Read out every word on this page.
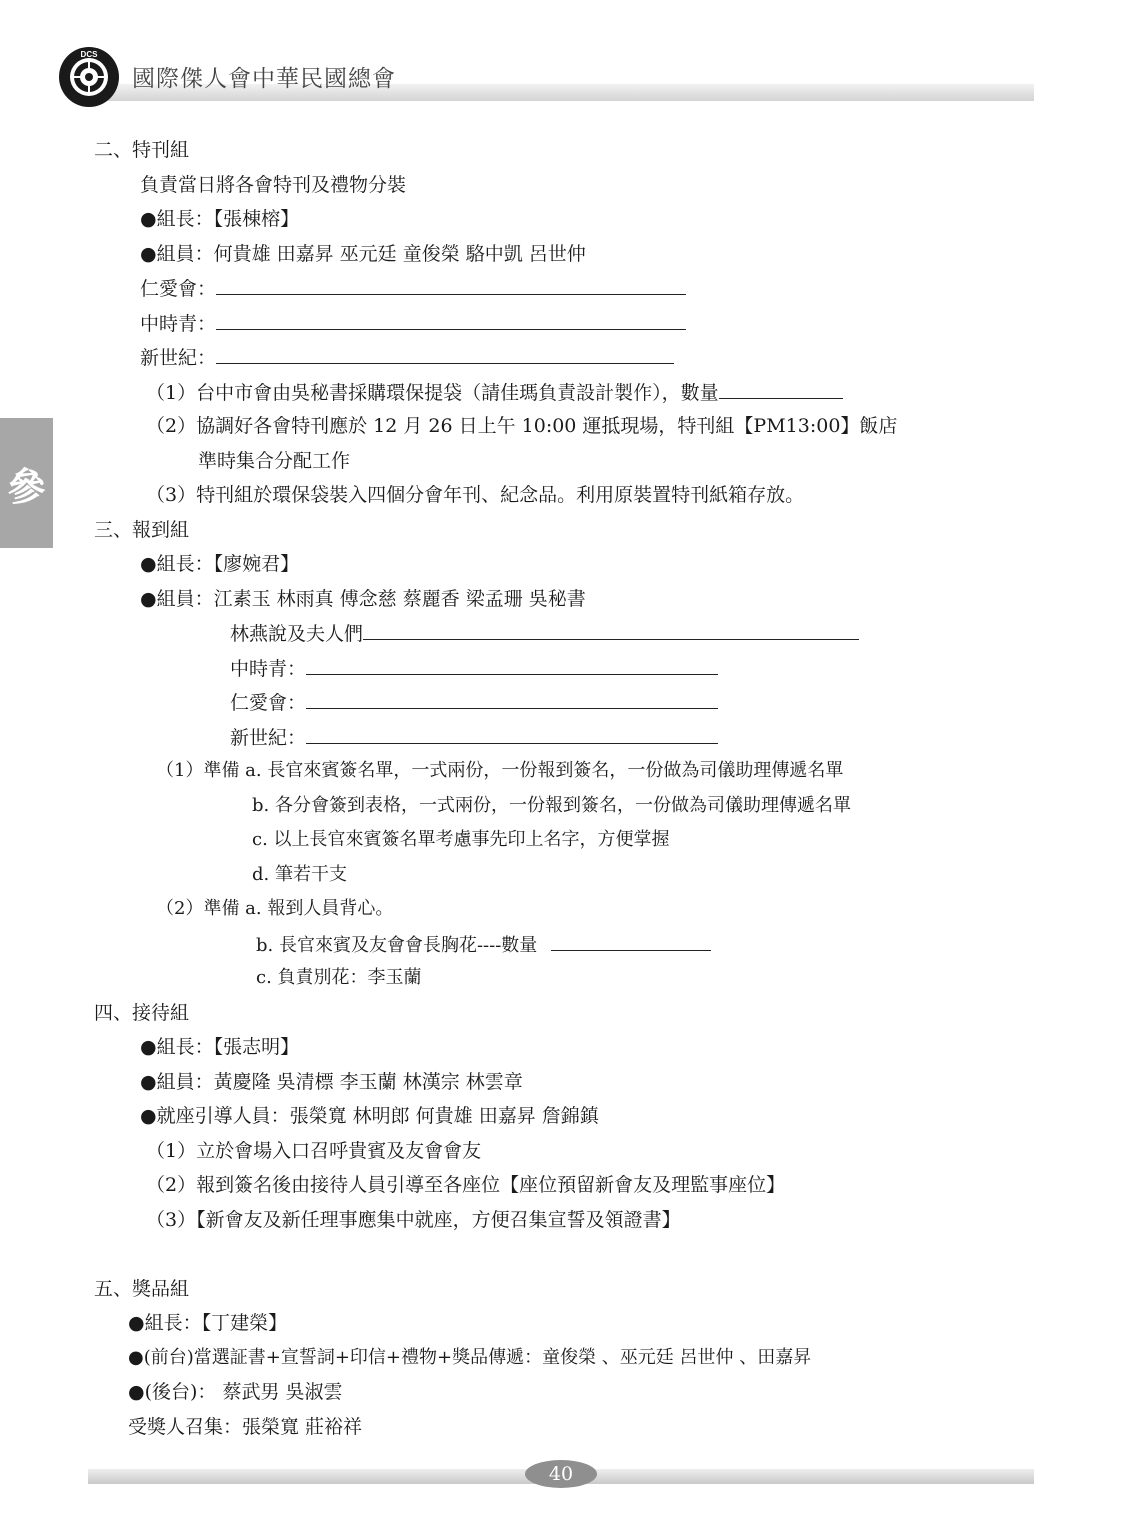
DCS
國際傑人會中華民國總會
參
二、特刊組
負責當日將各會特刊及禮物分裝
●組長：【張棟榕】
●組員：何貴雄 田嘉昇 巫元廷 童俊榮 駱中凱 呂世仲
仁愛會：
中時青：
新世紀：
（1）台中市會由吳秘書採購環保提袋（請佳瑪負責設計製作），數量
（2）協調好各會特刊應於 12 月 26 日上午 10:00 運抵現場，特刊組【PM13:00】飯店
準時集合分配工作
（3）特刊組於環保袋裝入四個分會年刊、紀念品。利用原裝置特刊紙箱存放。
三、報到組
●組長：【廖婉君】
●組員：江素玉 林雨真 傅念慈 蔡麗香 梁孟珊 吳秘書
林燕說及夫人們
中時青：
仁愛會：
新世紀：
（1）準備 a. 長官來賓簽名單，一式兩份，一份報到簽名，一份做為司儀助理傳遞名單
b. 各分會簽到表格，一式兩份，一份報到簽名，一份做為司儀助理傳遞名單
c. 以上長官來賓簽名單考慮事先印上名字，方便掌握
d. 筆若干支
（2）準備 a. 報到人員背心。
b. 長官來賓及友會會長胸花----數量
c. 負責別花：李玉蘭
四、接待組
●組長：【張志明】
●組員：黃慶隆 吳清標 李玉蘭 林漢宗 林雲章
●就座引導人員：張榮寬 林明郎 何貴雄 田嘉昇 詹錦鎮
（1）立於會場入口召呼貴賓及友會會友
（2）報到簽名後由接待人員引導至各座位【座位預留新會友及理監事座位】
（3）【新會友及新任理事應集中就座，方便召集宣誓及領證書】
五、獎品組
●組長：【丁建榮】
●(前台)當選証書+宣誓詞+印信+禮物+獎品傳遞：童俊榮 、巫元廷 呂世仲 、田嘉昇
●(後台)： 蔡武男 吳淑雲
受獎人召集：張榮寬 莊裕祥
40
